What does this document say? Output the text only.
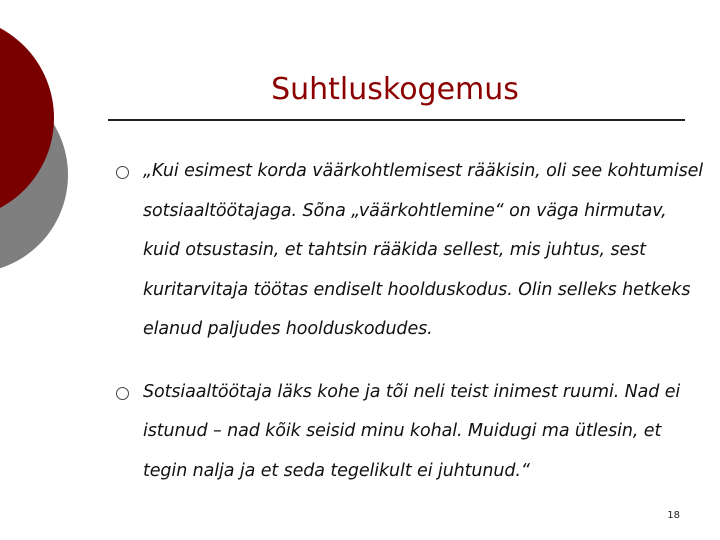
Suhtluskogemus

„Kui esimest korda väärkohtlemisest rääkisin, oli see kohtumisel sotsiaaltöötajaga. Sõna „väärkohtlemine“ on väga hirmutav, kuid otsustasin, et tahtsin rääkida sellest, mis juhtus, sest kuritarvitaja töötas endiselt hoolduskodus. Olin selleks hetkeks elanud paljudes hoolduskodudes.

Sotsiaaltöötaja läks kohe ja tõi neli teist inimest ruumi. Nad ei istunud – nad kõik seisid minu kohal. Muidugi ma ütlesin, et tegin nalja ja et seda tegelikult ei juhtunud.“

18
